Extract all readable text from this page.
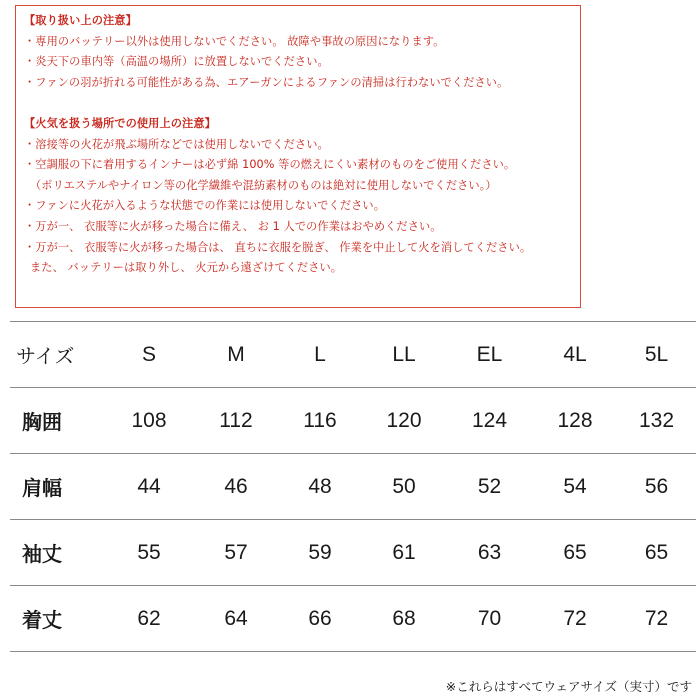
【取り扱い上の注意】
・専用のバッテリー以外は使用しないでください。 故障や事故の原因になります。
・炎天下の車内等（高温の場所）に放置しないでください。
・ファンの羽が折れる可能性がある為、エアーガンによるファンの清掃は行わないでください。
【火気を扱う場所での使用上の注意】
・溶接等の火花が飛ぶ場所などでは使用しないでください。
・空調服の下に着用するインナーは必ず綿 100% 等の燃えにくい素材のものをご使用ください。
（ポリエステルやナイロン等の化学繊維や混紡素材のものは絶対に使用しないでください。）
・ファンに火花が入るような状態での作業には使用しないでください。
・万が一、 衣服等に火が移った場合に備え、 お 1 人での作業はおやめください。
・万が一、 衣服等に火が移った場合は、 直ちに衣服を脱ぎ、 作業を中止して火を消してください。
また、 バッテリーは取り外し、 火元から遠ざけてください。
サイズ	S	M	L	LL	EL	4L	5L
胸囲	108	112	116	120	124	128	132
肩幅	44	46	48	50	52	54	56
袖丈	55	57	59	61	63	65	65
着丈	62	64	66	68	70	72	72
※これらはすべてウェアサイズ（実寸）です
